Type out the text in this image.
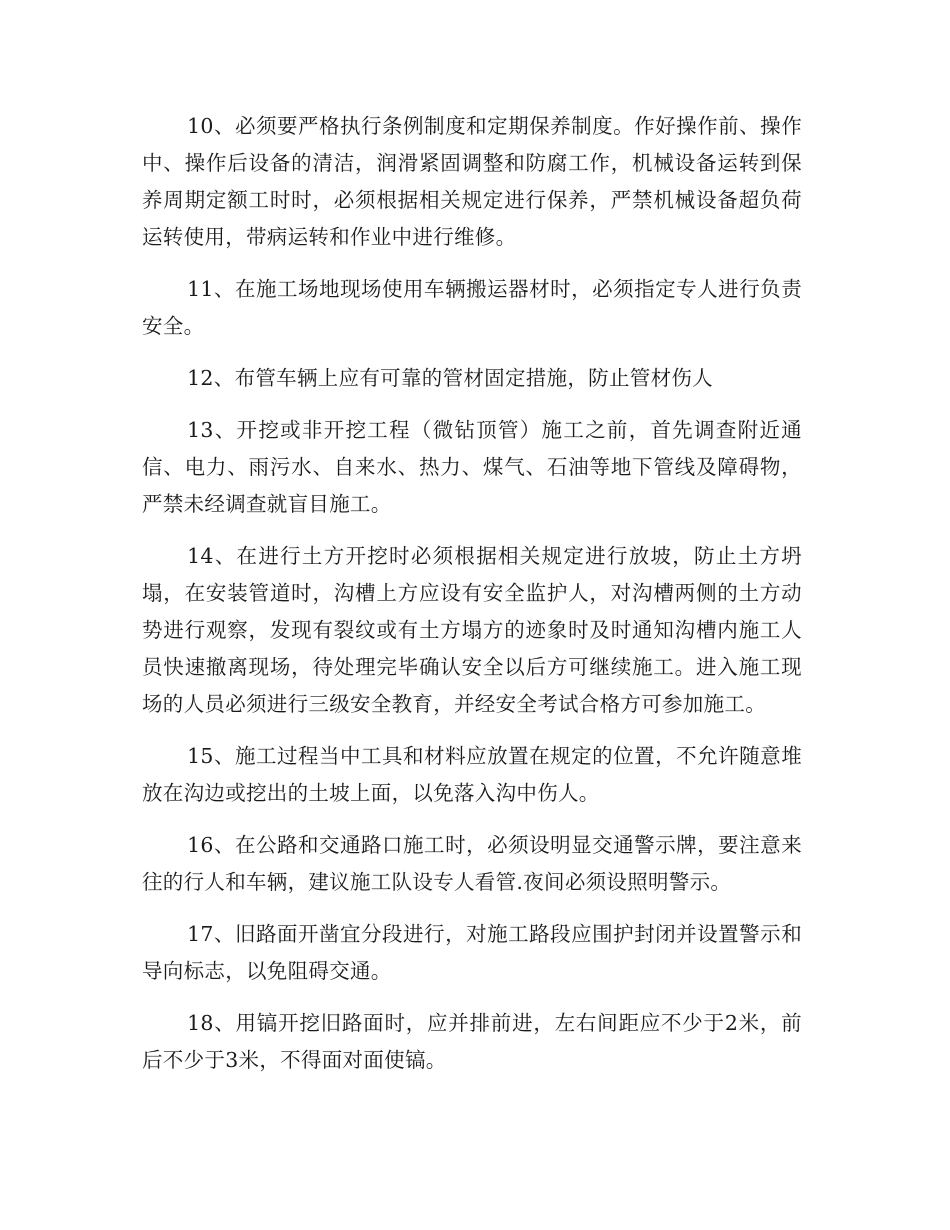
10、必须要严格执行条例制度和定期保养制度。作好操作前、操作中、操作后设备的清洁，润滑紧固调整和防腐工作，机械设备运转到保养周期定额工时时，必须根据相关规定进行保养，严禁机械设备超负荷运转使用，带病运转和作业中进行维修。

11、在施工场地现场使用车辆搬运器材时，必须指定专人进行负责安全。

12、布管车辆上应有可靠的管材固定措施，防止管材伤人

13、开挖或非开挖工程（微钻顶管）施工之前，首先调查附近通信、电力、雨污水、自来水、热力、煤气、石油等地下管线及障碍物，严禁未经调查就盲目施工。

14、在进行土方开挖时必须根据相关规定进行放坡，防止土方坍塌，在安装管道时，沟槽上方应设有安全监护人，对沟槽两侧的土方动势进行观察，发现有裂纹或有土方塌方的迹象时及时通知沟槽内施工人员快速撤离现场，待处理完毕确认安全以后方可继续施工。进入施工现场的人员必须进行三级安全教育，并经安全考试合格方可参加施工。

15、施工过程当中工具和材料应放置在规定的位置，不允许随意堆放在沟边或挖出的土坡上面，以免落入沟中伤人。

16、在公路和交通路口施工时，必须设明显交通警示牌，要注意来往的行人和车辆，建议施工队设专人看管.夜间必须设照明警示。

17、旧路面开凿宜分段进行，对施工路段应围护封闭并设置警示和导向标志，以免阻碍交通。

18、用镐开挖旧路面时，应并排前进，左右间距应不少于2米，前后不少于3米，不得面对面使镐。
